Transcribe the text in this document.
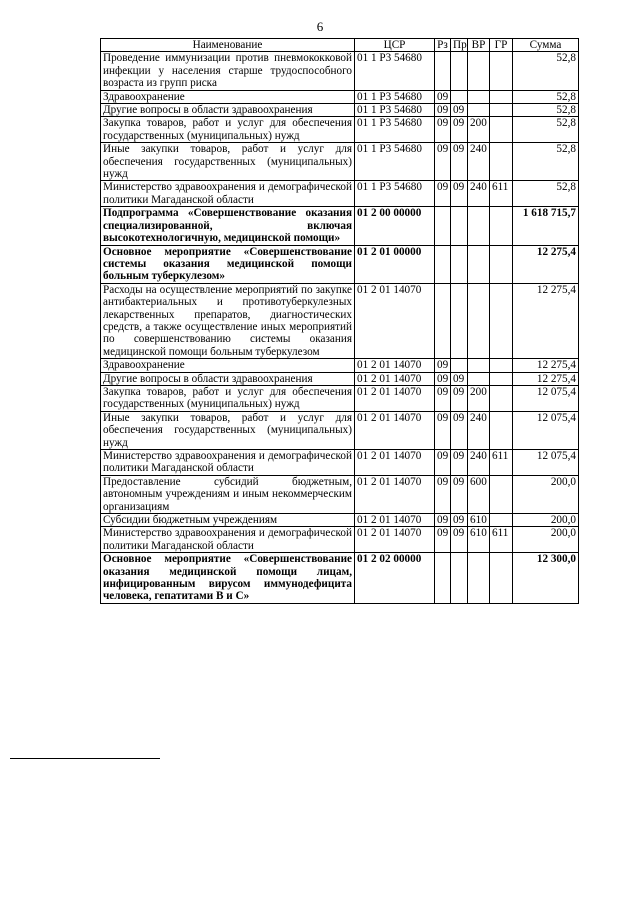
6
Наименование	ЦСР	Рз	Пр	ВР	ГР	Сумма
Проведение иммунизации против пневмококковой инфекции у населения старше трудоспособного возраста из групп риска	01 1 Р3 54680					52,8
Здравоохранение	01 1 Р3 54680	09				52,8
Другие вопросы в области здравоохранения	01 1 Р3 54680	09	09			52,8
Закупка товаров, работ и услуг для обеспечения государственных (муниципальных) нужд	01 1 Р3 54680	09	09	200		52,8
Иные закупки товаров, работ и услуг для обеспечения государственных (муниципальных) нужд	01 1 Р3 54680	09	09	240		52,8
Министерство здравоохранения и демографической политики Магаданской области	01 1 Р3 54680	09	09	240	611	52,8
Подпрограмма «Совершенствование оказания специализированной, включая высокотехнологичную, медицинской помощи»	01 2 00 00000					1 618 715,7
Основное мероприятие «Совершенствование системы оказания медицинской помощи больным туберкулезом»	01 2 01 00000					12 275,4
Расходы на осуществление мероприятий по закупке антибактериальных и противотуберкулезных лекарственных препаратов, диагностических средств, а также осуществление иных мероприятий по совершенствованию системы оказания медицинской помощи больным туберкулезом	01 2 01 14070					12 275,4
Здравоохранение	01 2 01 14070	09				12 275,4
Другие вопросы в области здравоохранения	01 2 01 14070	09	09			12 275,4
Закупка товаров, работ и услуг для обеспечения государственных (муниципальных) нужд	01 2 01 14070	09	09	200		12 075,4
Иные закупки товаров, работ и услуг для обеспечения государственных (муниципальных) нужд	01 2 01 14070	09	09	240		12 075,4
Министерство здравоохранения и демографической политики Магаданской области	01 2 01 14070	09	09	240	611	12 075,4
Предоставление субсидий бюджетным, автономным учреждениям и иным некоммерческим организациям	01 2 01 14070	09	09	600		200,0
Субсидии бюджетным учреждениям	01 2 01 14070	09	09	610		200,0
Министерство здравоохранения и демографической политики Магаданской области	01 2 01 14070	09	09	610	611	200,0
Основное мероприятие «Совершенствование оказания медицинской помощи лицам, инфицированным вирусом иммунодефицита человека, гепатитами В и С»	01 2 02 00000					12 300,0
